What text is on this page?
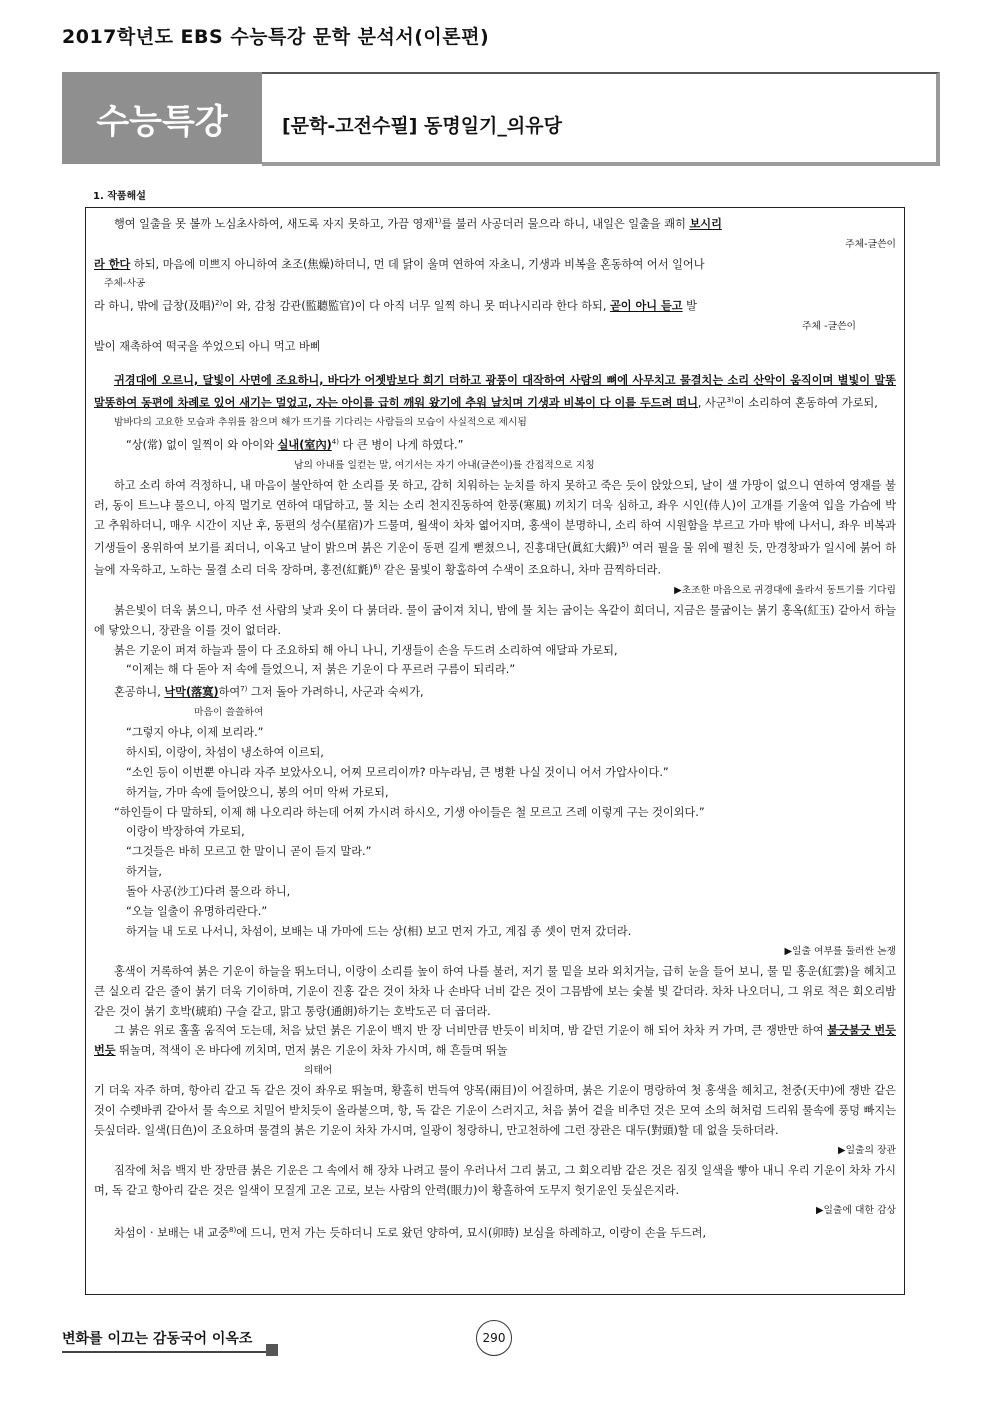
2017학년도 EBS 수능특강 문학 분석서(이론편)
수능특강	[문학-고전수필] 동명일기_의유당
1. 작품해설

행여 일출을 못 볼까 노심초사하여, 새도록 자지 못하고, 가끔 영재$^{1)}$를 불러 사공더러 물으라 하니, 내일은 일출을 쾌히 보시리

주체-글쓴이

라 한다 하되, 마음에 미쁘지 아니하여 초조(焦燥)하더니, 먼 데 닭이 울며 연하여 자초니, 기생과 비복을 혼동하여 어서 일어나

주체-사공

라 하니, 밖에 급창(及唱)$^{2)}$이 와, 감청 감관(監聽監官)이 다 아직 너무 일찍 하니 못 떠나시리라 한다 하되, 곧이 아니 듣고 발

주체 -글쓴이

발이 재촉하여 떡국을 쑤었으되 아니 먹고 바삐

귀경대에 오르니, 달빛이 사면에 조요하니, 바다가 어젯밤보다 희기 더하고 광풍이 대작하여 사람의 뼈에 사무치고 물결치는 소리 산악이 움직이며 별빛이 말똥말똥하여 동편에 차례로 있어 새기는 멀었고, 자는 아이를 급히 깨워 왔기에 추워 날치며 기생과 비복이 다 이를 두드려 떠니, 사군$^{3)}$이 소리하여 혼동하여 가로되,

밤바다의 고요한 모습과 추위를 참으며 해가 뜨기를 기다리는 사람들의 모습이 사실적으로 제시됨

“상(常) 없이 일찍이 와 아이와 실내(室內)$^{4)}$ 다 큰 병이 나게 하였다.”

남의 아내를 일컫는 말, 여기서는 자기 아내(글쓴이)를 간접적으로 지칭

하고 소리 하여 걱정하니, 내 마음이 불안하여 한 소리를 못 하고, 감히 치워하는 눈치를 하지 못하고 죽은 듯이 앉았으되, 날이 샐 가망이 없으니 연하여 영재를 불러, 동이 트느냐 물으니, 아직 멀기로 연하여 대답하고, 물 치는 소리 천지진동하여 한풍(寒風) 끼치기 더욱 심하고, 좌우 시인(侍人)이 고개를 기울여 입을 가슴에 박고 추워하더니, 매우 시간이 지난 후, 동편의 성수(星宿)가 드물며, 월색이 차차 엷어지며, 홍색이 분명하니, 소리 하여 시원함을 부르고 가마 밖에 나서니, 좌우 비복과 기생들이 옹위하여 보기를 죄더니, 이옥고 날이 밝으며 붉은 기운이 동편 길게 뻗쳤으니, 진홍대단(眞紅大緞)$^{5)}$ 여러 필을 물 위에 펼친 듯, 만경창파가 일시에 붉어 하늘에 자욱하고, 노하는 물결 소리 더욱 장하며, 홍전(紅氈)$^{6)}$ 같은 물빛이 황홀하여 수색이 조요하니, 차마 끔찍하더라.

▶초조한 마음으로 귀경대에 올라서 동트기를 기다림

붉은빛이 더욱 붉으니, 마주 선 사람의 낯과 옷이 다 붉더라. 물이 굽이져 치니, 밤에 물 치는 굽이는 옥같이 희더니, 지금은 물굽이는 붉기 홍옥(紅玉) 같아서 하늘에 닿았으니, 장관을 이를 것이 없더라.

붉은 기운이 퍼져 하늘과 물이 다 조요하되 해 아니 나니, 기생들이 손을 두드려 소리하여 애달파 가로되,

“이제는 해 다 돋아 저 속에 들었으니, 저 붉은 기운이 다 푸르러 구름이 되리라.”

혼공하니, 낙막(落寞)하여$^{7)}$ 그저 돌아 가려하니, 사군과 숙씨가,

마음이 쓸쓸하여

“그렇지 아냐, 이제 보리라.”

하시되, 이랑이, 차섬이 냉소하여 이르되,

“소인 등이 이번뿐 아니라 자주 보았사오니, 어찌 모르리이까? 마누라님, 큰 병환 나실 것이니 어서 가압사이다.”

하거늘, 가마 속에 들어앉으니, 봉의 어미 악써 가로되,

“하인들이 다 말하되, 이제 해 나오리라 하는데 어찌 가시려 하시오, 기생 아이들은 철 모르고 즈레 이렇게 구는 것이외다.”

이랑이 박장하여 가로되,

“그것들은 바히 모르고 한 말이니 곧이 듣지 말라.”

하거늘,

돌아 사공(沙工)다려 물으라 하니,

“오늘 일출이 유명하리란다.”

하거늘 내 도로 나서니, 차섬이, 보배는 내 가마에 드는 상(相) 보고 먼저 가고, 계집 종 셋이 먼저 갔더라.

▶일출 여부를 둘러싼 논쟁

홍색이 거록하여 붉은 기운이 하늘을 뛰노더니, 이랑이 소리를 높이 하여 나를 불러, 저기 물 밑을 보라 외치거늘, 급히 눈을 들어 보니, 물 밑 홍운(紅雲)을 헤치고 큰 실오리 같은 줄이 붉기 더욱 기이하며, 기운이 진홍 같은 것이 차차 나 손바닥 너비 같은 것이 그믐밤에 보는 숯불 빛 같더라. 차차 나오더니, 그 위로 적은 회오리밤 같은 것이 붉기 호박(琥珀) 구슬 같고, 맑고 통랑(通朗)하기는 호박도곤 더 곱더라.

그 붉은 위로 훌훌 움직여 도는데, 처음 났던 붉은 기운이 백지 반 장 너비만큼 반듯이 비치며, 밤 같던 기운이 해 되어 차차 커 가며, 큰 쟁반만 하여 불긋불긋 번듯번듯 뛰놀며, 적색이 온 바다에 끼치며, 먼저 붉은 기운이 차차 가시며, 해 흔들며 뛰놀

의태어

기 더욱 자주 하며, 항아리 같고 독 같은 것이 좌우로 뛰놀며, 황홀히 번득여 양목(兩目)이 어질하며, 붉은 기운이 명랑하여 첫 홍색을 헤치고, 천중(天中)에 쟁반 같은 것이 수렛바퀴 같아서 물 속으로 치밀어 받치듯이 올라붙으며, 항, 독 같은 기운이 스러지고, 처음 붉어 겉을 비추던 것은 모여 소의 혀처럼 드리워 물속에 풍덩 빠지는 듯싶더라. 일색(日色)이 조요하며 물결의 붉은 기운이 차차 가시며, 일광이 청랑하니, 만고천하에 그런 장관은 대두(對頭)할 데 없을 듯하더라.

▶일출의 장관

짐작에 처음 백지 반 장만큼 붉은 기운은 그 속에서 해 장차 나려고 물이 우러나서 그리 붉고, 그 회오리밤 같은 것은 짐짓 일색을 빻아 내니 우리 기운이 차차 가시며, 독 같고 항아리 같은 것은 일색이 모질게 고온 고로, 보는 사람의 안력(眼力)이 황홀하여 도무지 헛기운인 듯싶은지라.

▶일출에 대한 감상

차섬이 · 보배는 내 교중$^{8)}$에 드니, 먼저 가는 듯하더니 도로 왔던 양하여, 묘시(卯時) 보심을 하례하고, 이랑이 손을 두드려,

변화를 이끄는 감동국어 이옥조	290
